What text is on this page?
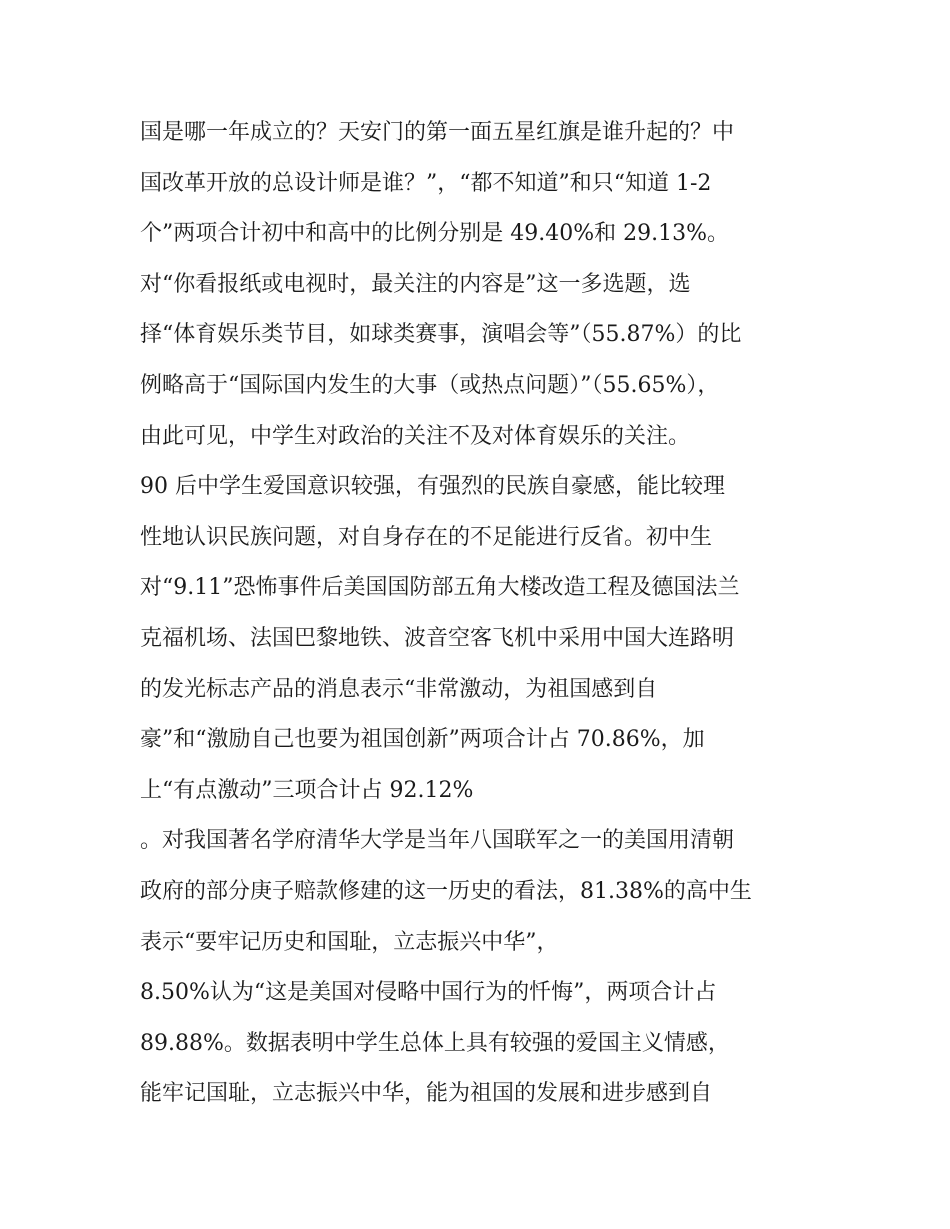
国是哪一年成立的？天安门的第一面五星红旗是谁升起的？中
国改革开放的总设计师是谁？”，“都不知道”和只“知道 1-2
个”两项合计初中和高中的比例分别是 49.40%和 29.13%。
对“你看报纸或电视时，最关注的内容是”这一多选题，选
择“体育娱乐类节目，如球类赛事，演唱会等”（55.87%）的比
例略高于“国际国内发生的大事（或热点问题）”（55.65%），
由此可见，中学生对政治的关注不及对体育娱乐的关注。
90 后中学生爱国意识较强，有强烈的民族自豪感，能比较理
性地认识民族问题，对自身存在的不足能进行反省。初中生
对“9.11”恐怖事件后美国国防部五角大楼改造工程及德国法兰
克福机场、法国巴黎地铁、波音空客飞机中采用中国大连路明
的发光标志产品的消息表示“非常激动，为祖国感到自
豪”和“激励自己也要为祖国创新”两项合计占 70.86%，加
上“有点激动”三项合计占 92.12%
。对我国著名学府清华大学是当年八国联军之一的美国用清朝
政府的部分庚子赔款修建的这一历史的看法，81.38%的高中生
表示“要牢记历史和国耻，立志振兴中华”，
8.50%认为“这是美国对侵略中国行为的忏悔”，两项合计占
89.88%。数据表明中学生总体上具有较强的爱国主义情感，
能牢记国耻，立志振兴中华，能为祖国的发展和进步感到自
